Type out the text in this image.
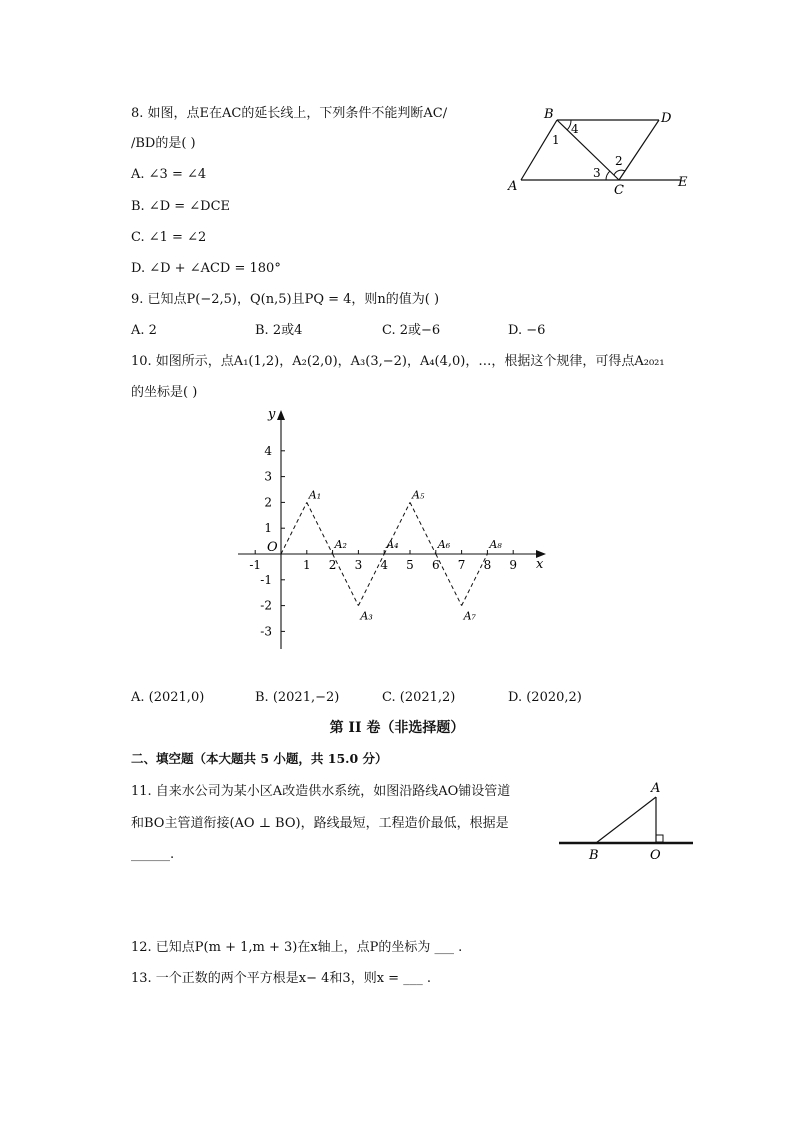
8. 如图，点E在AC的延长线上，下列条件不能判断AC/
/BD的是( )
A. ∠3 = ∠4
B. ∠D = ∠DCE
C. ∠1 = ∠2
D. ∠D + ∠ACD = 180°
B	D
A	C
E
1
2
3
4
9. 已知点P(−2,5)，Q(n,5)且PQ = 4，则n的值为( )
A. 2	B. 2或4	C. 2或−6	D. −6
10. 如图所示，点A₁(1,2)，A₂(2,0)，A₃(3,−2)，A₄(4,0)，…，根据这个规律，可得点A₂₀₂₁
的坐标是( )
x
y
O
-1	1 2 3 4 5 6 7 8 9
4
3
2
1
-1
-2
-3
A₁
A₂
A₃
A₄
A₅
A₆
A₇
A₈
A. (2021,0)	B. (2021,−2)	C. (2021,2)	D. (2020,2)
第 II 卷（非选择题）
二、填空题（本大题共 5 小题，共 15.0 分）
11. 自来水公司为某小区A改造供水系统，如图沿路线AO铺设管道
和BO主管道衔接(AO ⊥ BO)，路线最短，工程造价最低，根据是
______.
A
B	O
12. 已知点P(m + 1,m + 3)在x轴上，点P的坐标为 ___ .
13. 一个正数的两个平方根是x− 4和3，则x = ___ .
